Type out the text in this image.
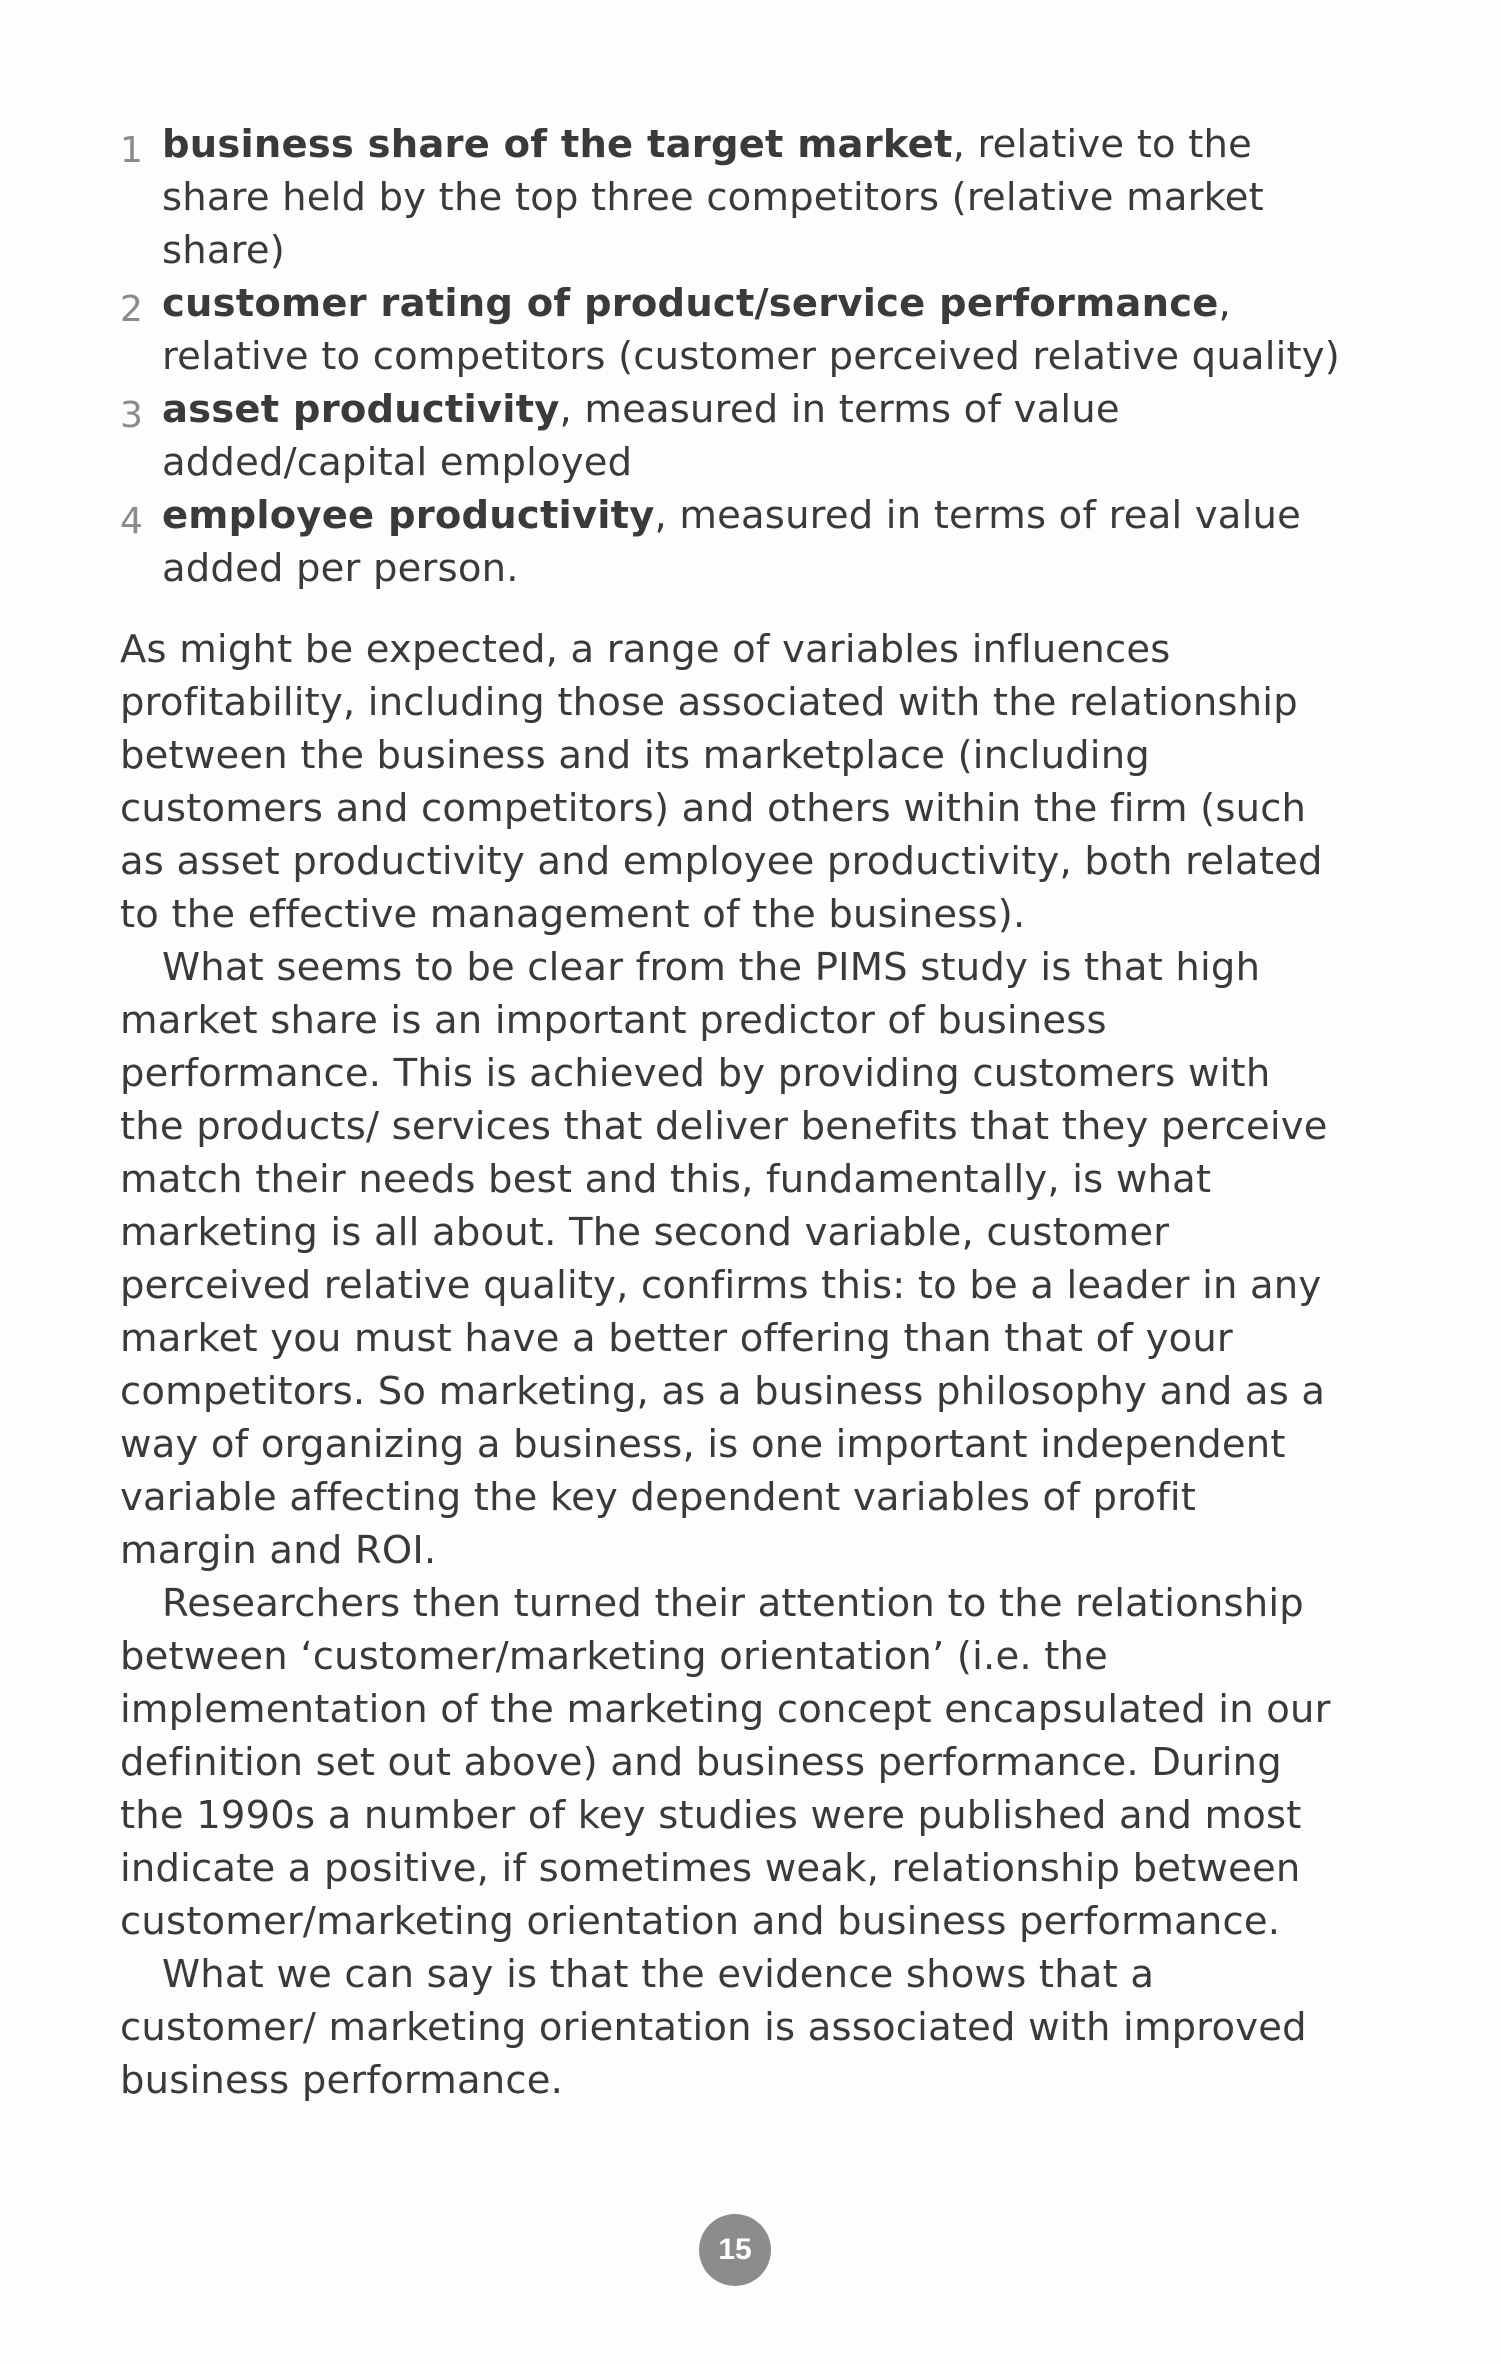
1 business share of the target market, relative to the share held by the top three competitors (relative market share)
2 customer rating of product/service performance, relative to competitors (customer perceived relative quality)
3 asset productivity, measured in terms of value added/capital employed
4 employee productivity, measured in terms of real value added per person.

As might be expected, a range of variables influences profitability, including those associated with the relationship between the business and its marketplace (including customers and competitors) and others within the firm (such as asset productivity and employee productivity, both related to the effective management of the business).

What seems to be clear from the PIMS study is that high market share is an important predictor of business performance. This is achieved by providing customers with the products/ services that deliver benefits that they perceive match their needs best and this, fundamentally, is what marketing is all about. The second variable, customer perceived relative quality, confirms this: to be a leader in any market you must have a better offering than that of your competitors. So marketing, as a business philosophy and as a way of organizing a business, is one important independent variable affecting the key dependent variables of profit margin and ROI.

Researchers then turned their attention to the relationship between ‘customer/marketing orientation’ (i.e. the implementation of the marketing concept encapsulated in our definition set out above) and business performance. During the 1990s a number of key studies were published and most indicate a positive, if sometimes weak, relationship between customer/marketing orientation and business performance.

What we can say is that the evidence shows that a customer/ marketing orientation is associated with improved business performance.

15
